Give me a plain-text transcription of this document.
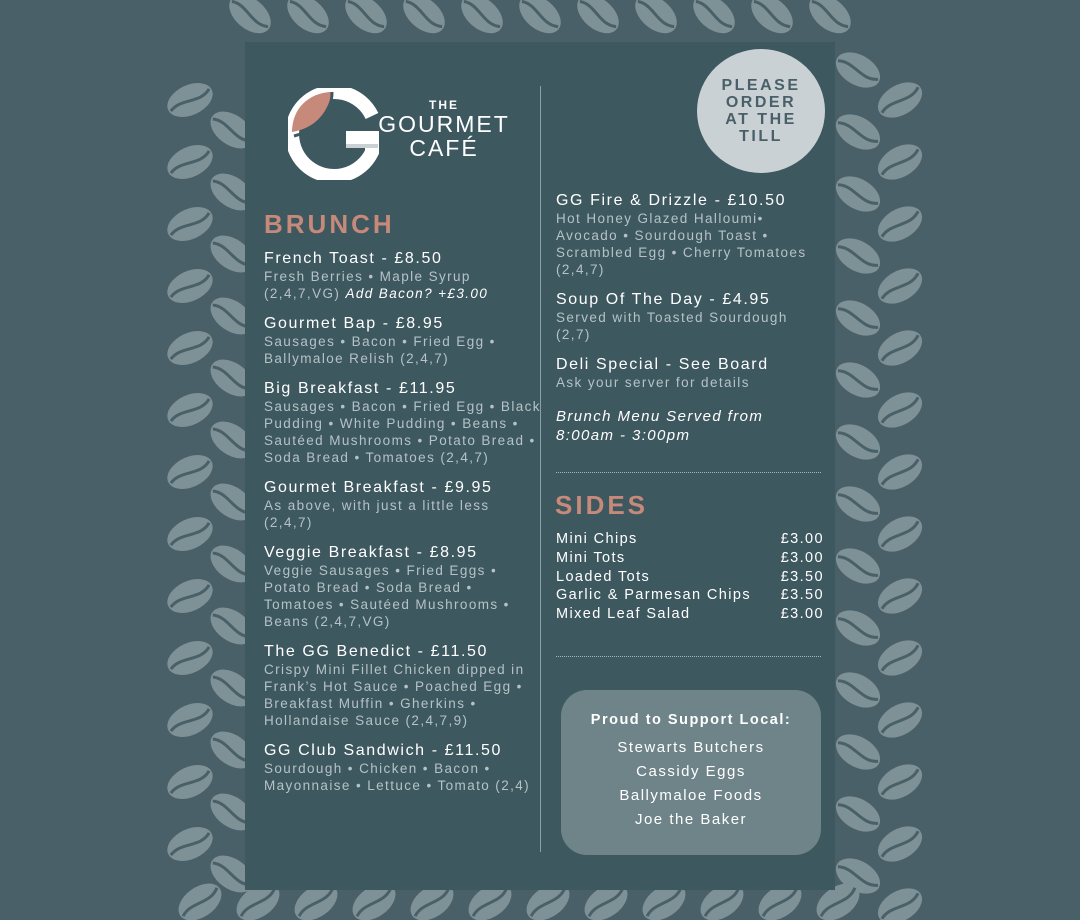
THE
GOURMET
CAFÉ
PLEASE ORDER AT THE TILL
BRUNCH
French Toast - £8.50
Fresh Berries • Maple Syrup (2,4,7,VG) Add Bacon? +£3.00
Gourmet Bap - £8.95
Sausages • Bacon • Fried Egg • Ballymaloe Relish (2,4,7)
Big Breakfast - £11.95
Sausages • Bacon • Fried Egg • Black Pudding • White Pudding • Beans • Sautéed Mushrooms • Potato Bread • Soda Bread • Tomatoes (2,4,7)
Gourmet Breakfast - £9.95
As above, with just a little less (2,4,7)
Veggie Breakfast - £8.95
Veggie Sausages • Fried Eggs • Potato Bread • Soda Bread • Tomatoes • Sautéed Mushrooms • Beans (2,4,7,VG)
The GG Benedict - £11.50
Crispy Mini Fillet Chicken dipped in Frank’s Hot Sauce • Poached Egg • Breakfast Muffin • Gherkins • Hollandaise Sauce (2,4,7,9)
GG Club Sandwich - £11.50
Sourdough • Chicken • Bacon • Mayonnaise • Lettuce • Tomato (2,4)
GG Fire & Drizzle - £10.50
Hot Honey Glazed Halloumi• Avocado • Sourdough Toast • Scrambled Egg • Cherry Tomatoes (2,4,7)
Soup Of The Day - £4.95
Served with Toasted Sourdough (2,7)
Deli Special - See Board
Ask your server for details
Brunch Menu Served from 8:00am - 3:00pm
SIDES
Mini Chips	£3.00
Mini Tots	£3.00
Loaded Tots	£3.50
Garlic & Parmesan Chips £3.50
Mixed Leaf Salad	£3.00
Proud to Support Local:
Stewarts Butchers
Cassidy Eggs
Ballymaloe Foods
Joe the Baker
